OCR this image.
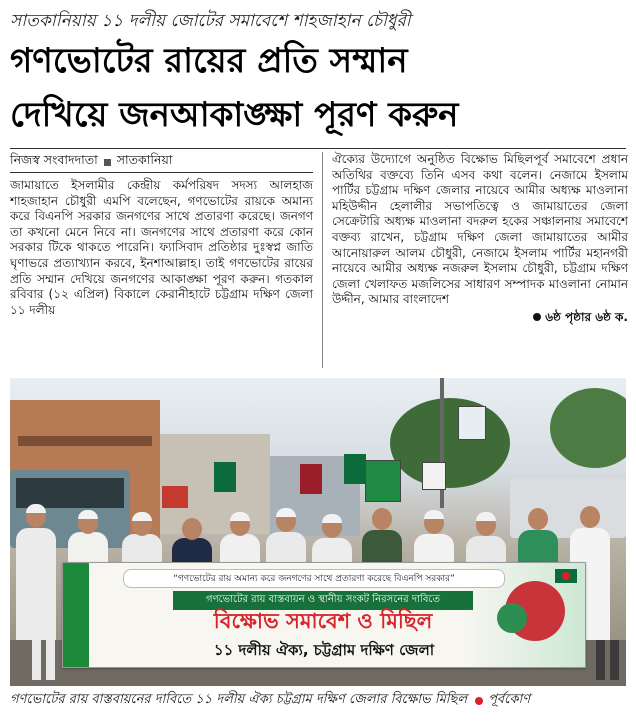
সাতকানিয়ায় ১১ দলীয় জোটের সমাবেশে শাহজাহান চৌধুরী
গণভোটের রায়ের প্রতি সম্মান
দেখিয়ে জনআকাঙ্ক্ষা পূরণ করুন
নিজস্ব সংবাদদাতা সাতকানিয়া
জামায়াতে ইসলামীর কেন্দ্রীয় কর্মপরিষদ সদস্য আলহাজ শাহজাহান চৌধুরী এমপি বলেছেন, গণভোটের রায়কে অমান্য করে বিএনপি সরকার জনগণের সাথে প্রতারণা করেছে। জনগণ তা কখনো মেনে নিবে না। জনগণের সাথে প্রতারণা করে কোন সরকার টিকে থাকতে পারেনি। ফ্যাসিবাদ প্রতিষ্ঠার দুঃস্বপ্ন জাতি ঘৃণাভরে প্রত্যাখ্যান করবে, ইনশাআল্লাহ। তাই গণভোটের রায়ের প্রতি সম্মান দেখিয়ে জনগণের আকাঙ্ক্ষা পূরণ করুন। গতকাল রবিবার (১২ এপ্রিল) বিকালে কেরানীহাটে চট্টগ্রাম দক্ষিণ জেলা ১১ দলীয়
ঐক্যের উদ্যোগে অনুষ্ঠিত বিক্ষোভ মিছিলপূর্ব সমাবেশে প্রধান অতিথির বক্তব্যে তিনি এসব কথা বলেন। নেজামে ইসলাম পার্টির চট্টগ্রাম দক্ষিণ জেলার নায়েবে আমীর অধ্যক্ষ মাওলানা মহিউদ্দীন হেলালীর সভাপতিত্বে ও জামায়াতের জেলা সেক্রেটারি অধ্যক্ষ মাওলানা বদরুল হকের সঞ্চালনায় সমাবেশে বক্তব্য রাখেন, চট্টগ্রাম দক্ষিণ জেলা জামায়াতের আমীর আনোয়ারুল আলম চৌধুরী, নেজামে ইসলাম পার্টির মহানগরী নায়েবে আমীর অধ্যক্ষ নজরুল ইসলাম চৌধুরী, চট্টগ্রাম দক্ষিণ জেলা খেলাফত মজলিসের সাধারণ সম্পাদক মাওলানা নোমান উদ্দীন, আমার বাংলাদেশ
৬ষ্ঠ পৃষ্ঠার ৬ষ্ঠ ক.
“গণভোটের রায় অমান্য করে জনগণের সাথে প্রতারণা করেছে বিএনপি সরকার”
গণভোটের রায় বাস্তবায়ন ও স্থানীয় সংকট নিরসনের দাবিতে
বিক্ষোভ সমাবেশ ও মিছিল
১১ দলীয় ঐক্য, চট্টগ্রাম দক্ষিণ জেলা
গণভোটের রায় বাস্তবায়নের দাবিতে ১১ দলীয় ঐক্য চট্টগ্রাম দক্ষিণ জেলার বিক্ষোভ মিছিল পূর্বকোণ
